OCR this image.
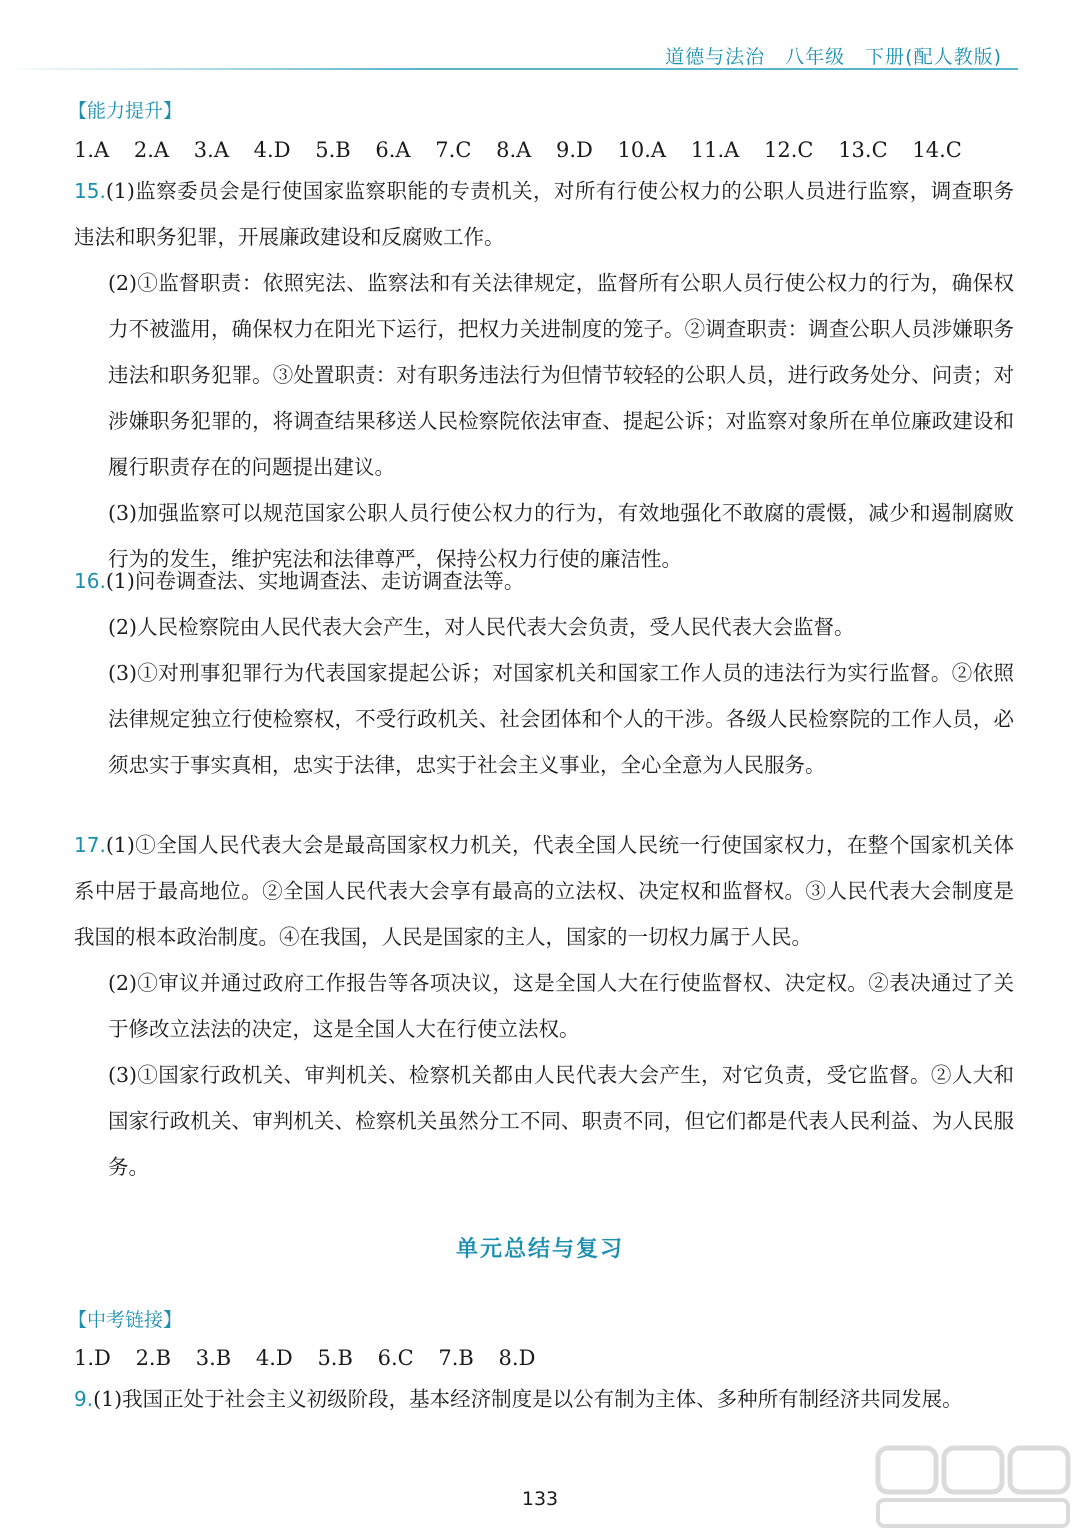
道德与法治　八年级　下册(配人教版)
【能力提升】
1.A 2.A 3.A 4.D 5.B 6.A 7.C 8.A 9.D 10.A 11.A 12.C 13.C 14.C
15.(1)监察委员会是行使国家监察职能的专责机关，对所有行使公权力的公职人员进行监察，调查职务违法和职务犯罪，开展廉政建设和反腐败工作。
(2)①监督职责：依照宪法、监察法和有关法律规定，监督所有公职人员行使公权力的行为，确保权力不被滥用，确保权力在阳光下运行，把权力关进制度的笼子。②调查职责：调查公职人员涉嫌职务违法和职务犯罪。③处置职责：对有职务违法行为但情节较轻的公职人员，进行政务处分、问责；对涉嫌职务犯罪的，将调查结果移送人民检察院依法审查、提起公诉；对监察对象所在单位廉政建设和履行职责存在的问题提出建议。
(3)加强监察可以规范国家公职人员行使公权力的行为，有效地强化不敢腐的震慑，减少和遏制腐败行为的发生，维护宪法和法律尊严，保持公权力行使的廉洁性。
16.(1)问卷调查法、实地调查法、走访调查法等。
(2)人民检察院由人民代表大会产生，对人民代表大会负责，受人民代表大会监督。
(3)①对刑事犯罪行为代表国家提起公诉；对国家机关和国家工作人员的违法行为实行监督。②依照法律规定独立行使检察权，不受行政机关、社会团体和个人的干涉。各级人民检察院的工作人员，必须忠实于事实真相，忠实于法律，忠实于社会主义事业，全心全意为人民服务。
17.(1)①全国人民代表大会是最高国家权力机关，代表全国人民统一行使国家权力，在整个国家机关体系中居于最高地位。②全国人民代表大会享有最高的立法权、决定权和监督权。③人民代表大会制度是我国的根本政治制度。④在我国，人民是国家的主人，国家的一切权力属于人民。
(2)①审议并通过政府工作报告等各项决议，这是全国人大在行使监督权、决定权。②表决通过了关于修改立法法的决定，这是全国人大在行使立法权。
(3)①国家行政机关、审判机关、检察机关都由人民代表大会产生，对它负责，受它监督。②人大和国家行政机关、审判机关、检察机关虽然分工不同、职责不同，但它们都是代表人民利益、为人民服务。
单元总结与复习
【中考链接】
1.D 2.B 3.B 4.D 5.B 6.C 7.B 8.D
9.(1)我国正处于社会主义初级阶段，基本经济制度是以公有制为主体、多种所有制经济共同发展。
133
